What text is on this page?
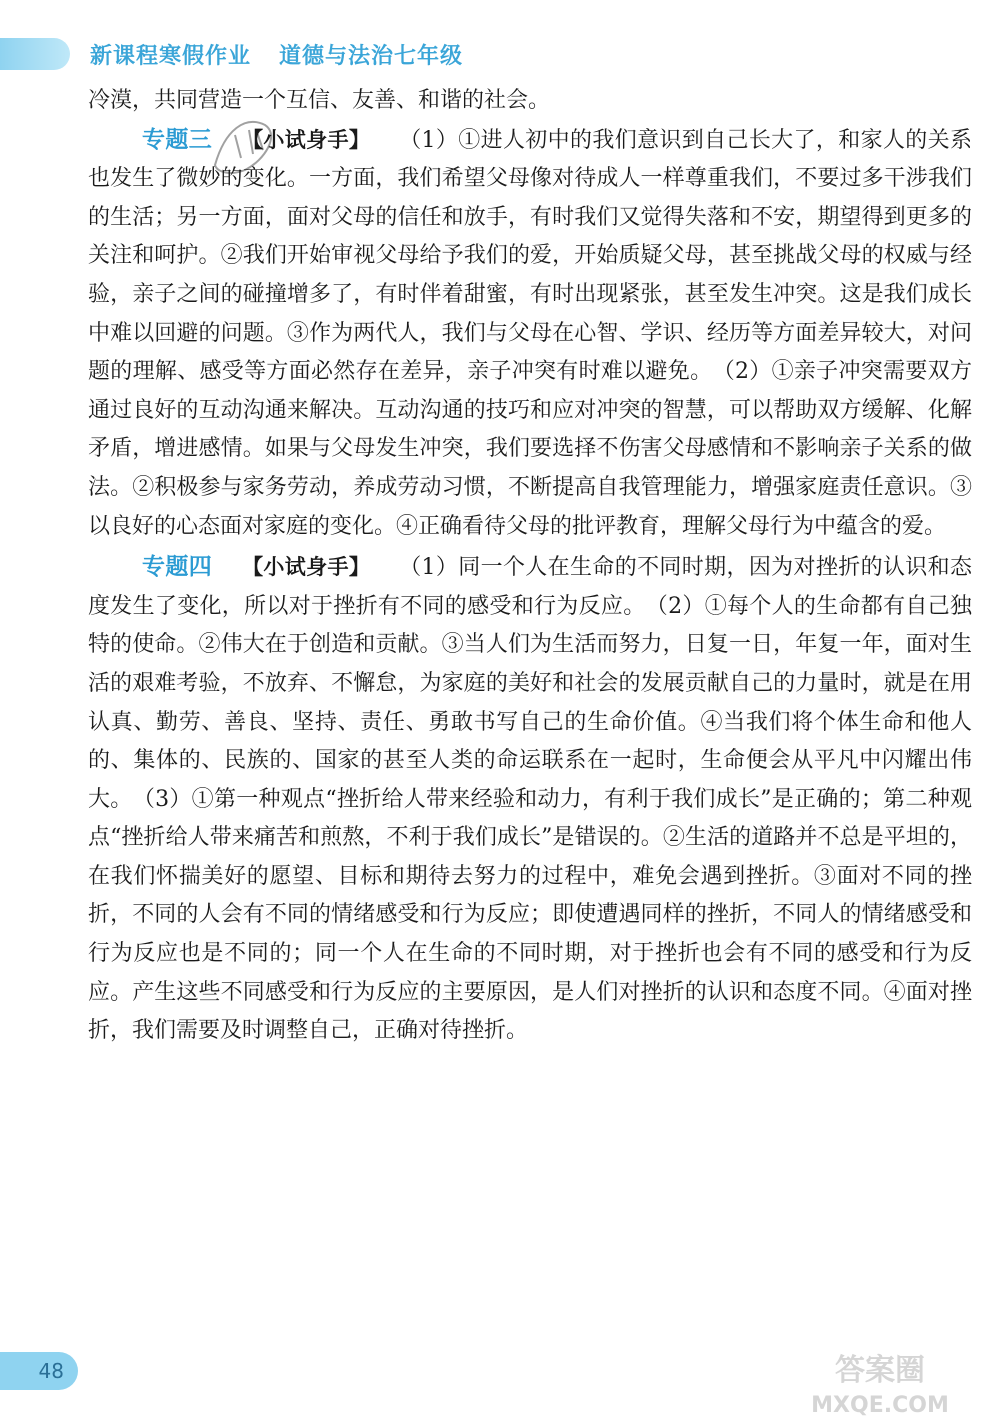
新课程寒假作业 道德与法治七年级

冷漠，共同营造一个互信、友善、和谐的社会。

专题三 【小试身手】 （1）①进人初中的我们意识到自己长大了，和家人的关系也发生了微妙的变化。一方面，我们希望父母像对待成人一样尊重我们，不要过多干涉我们的生活；另一方面，面对父母的信任和放手，有时我们又觉得失落和不安，期望得到更多的关注和呵护。②我们开始审视父母给予我们的爱，开始质疑父母，甚至挑战父母的权威与经验，亲子之间的碰撞增多了，有时伴着甜蜜，有时出现紧张，甚至发生冲突。这是我们成长中难以回避的问题。③作为两代人，我们与父母在心智、学识、经历等方面差异较大，对问题的理解、感受等方面必然存在差异，亲子冲突有时难以避免。　（2）①亲子冲突需要双方通过良好的互动沟通来解决。互动沟通的技巧和应对冲突的智慧，可以帮助双方缓解、化解矛盾，增进感情。如果与父母发生冲突，我们要选择不伤害父母感情和不影响亲子关系的做法。②积极参与家务劳动，养成劳动习惯，不断提高自我管理能力，增强家庭责任意识。③以良好的心态面对家庭的变化。④正确看待父母的批评教育，理解父母行为中蕴含的爱。

专题四 【小试身手】 （1）同一个人在生命的不同时期，因为对挫折的认识和态度发生了变化，所以对于挫折有不同的感受和行为反应。　（2）①每个人的生命都有自己独特的使命。②伟大在于创造和贡献。③当人们为生活而努力，日复一日，年复一年，面对生活的艰难考验，不放弃、不懈怠，为家庭的美好和社会的发展贡献自己的力量时，就是在用认真、勤劳、善良、坚持、责任、勇敢书写自己的生命价值。④当我们将个体生命和他人的、集体的、民族的、国家的甚至人类的命运联系在一起时，生命便会从平凡中闪耀出伟大。　（3）①第一种观点“挫折给人带来经验和动力，有利于我们成长”是正确的；第二种观点“挫折给人带来痛苦和煎熬，不利于我们成长”是错误的。②生活的道路并不总是平坦的，在我们怀揣美好的愿望、目标和期待去努力的过程中，难免会遇到挫折。③面对不同的挫折，不同的人会有不同的情绪感受和行为反应；即使遭遇同样的挫折，不同人的情绪感受和行为反应也是不同的；同一个人在生命的不同时期，对于挫折也会有不同的感受和行为反应。产生这些不同感受和行为反应的主要原因，是人们对挫折的认识和态度不同。④面对挫折，我们需要及时调整自己，正确对待挫折。

48	答案圈
MXQE.COM
